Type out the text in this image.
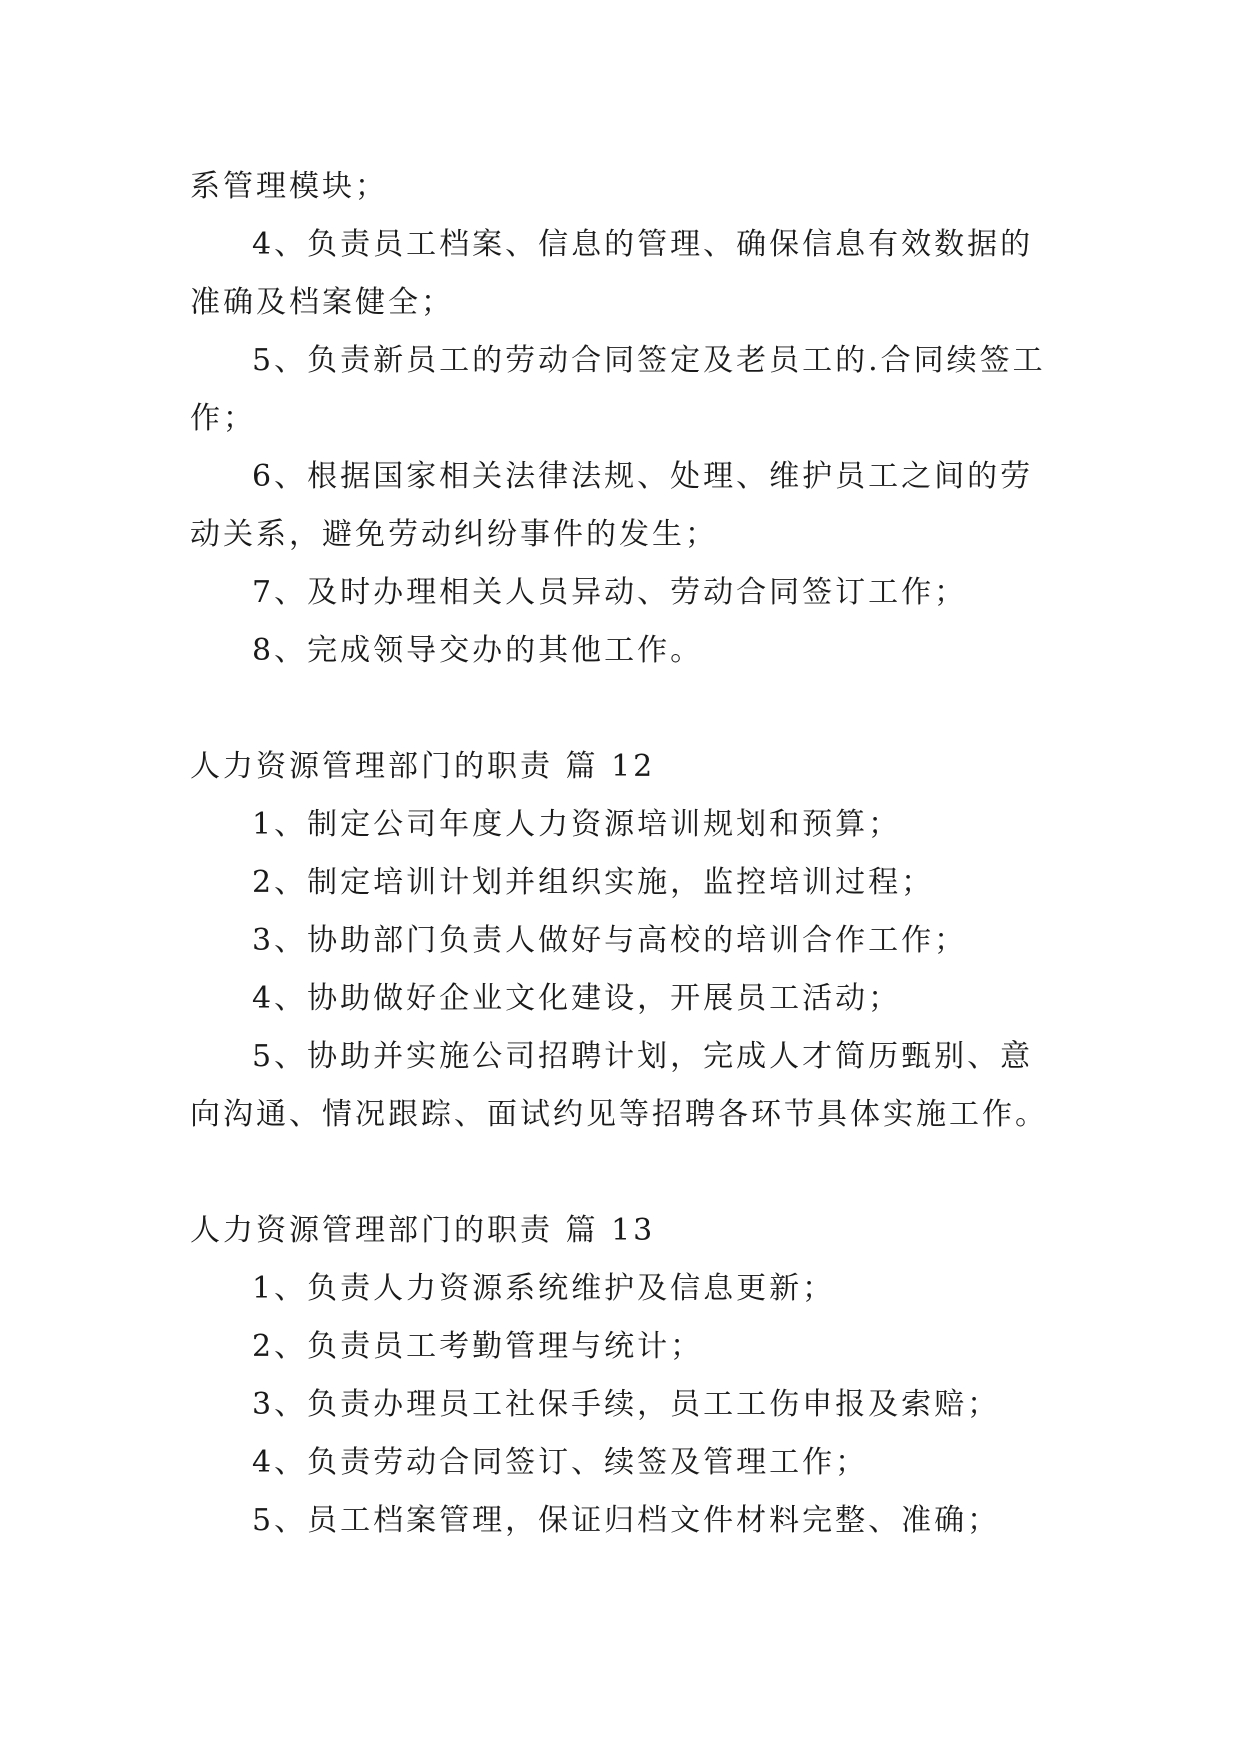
系管理模块；
4、负责员工档案、信息的管理、确保信息有效数据的
准确及档案健全；
5、负责新员工的劳动合同签定及老员工的.合同续签工
作；
6、根据国家相关法律法规、处理、维护员工之间的劳
动关系，避免劳动纠纷事件的发生；
7、及时办理相关人员异动、劳动合同签订工作；
8、完成领导交办的其他工作。
人力资源管理部门的职责 篇 12
1、制定公司年度人力资源培训规划和预算；
2、制定培训计划并组织实施，监控培训过程；
3、协助部门负责人做好与高校的培训合作工作；
4、协助做好企业文化建设，开展员工活动；
5、协助并实施公司招聘计划，完成人才简历甄别、意
向沟通、情况跟踪、面试约见等招聘各环节具体实施工作。
人力资源管理部门的职责 篇 13
1、负责人力资源系统维护及信息更新；
2、负责员工考勤管理与统计；
3、负责办理员工社保手续，员工工伤申报及索赔；
4、负责劳动合同签订、续签及管理工作；
5、员工档案管理，保证归档文件材料完整、准确；
